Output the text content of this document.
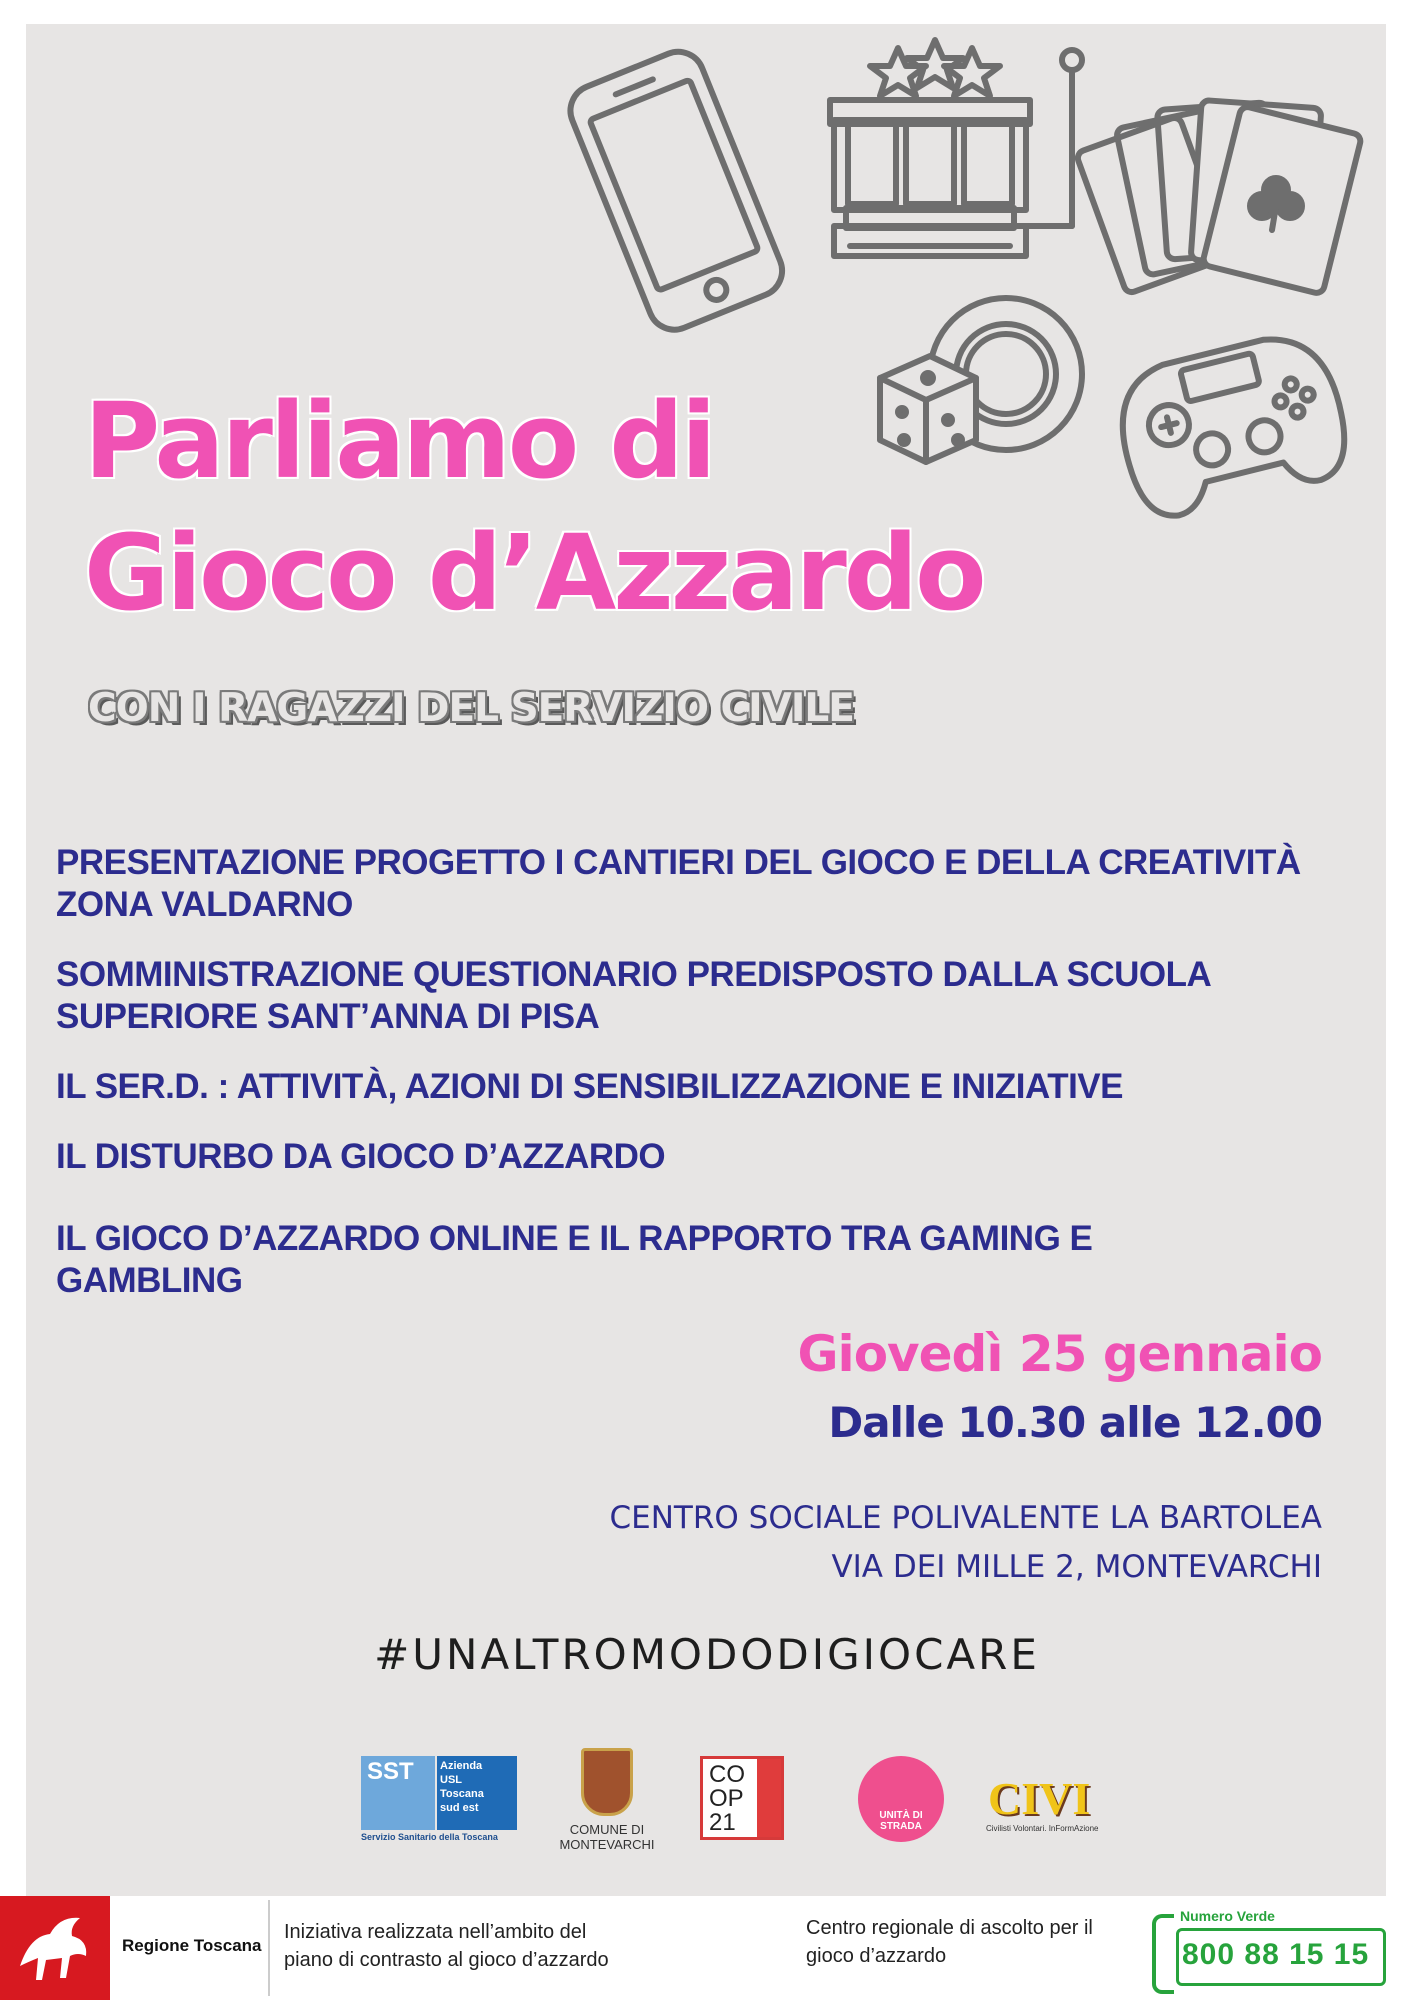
Parliamo di
Gioco d’Azzardo
CON I RAGAZZI DEL SERVIZIO CIVILE

PRESENTAZIONE PROGETTO I CANTIERI DEL GIOCO E DELLA CREATIVITÀ

ZONA VALDARNO

SOMMINISTRAZIONE QUESTIONARIO PREDISPOSTO DALLA SCUOLA

SUPERIORE SANT’ANNA DI PISA

IL SER.D. : ATTIVITÀ, AZIONI DI SENSIBILIZZAZIONE E INIZIATIVE

IL DISTURBO DA GIOCO D’AZZARDO

IL GIOCO D’AZZARDO ONLINE E IL RAPPORTO TRA GAMING E

GAMBLING

Giovedì 25 gennaio
Dalle 10.30 alle 12.00
CENTRO SOCIALE POLIVALENTE LA BARTOLEA
VIA DEI MILLE 2, MONTEVARCHI
#UNALTROMODODIGIOCARE
SST Azienda
USL
Toscana
sud est
Servizio Sanitario della Toscana	COMUNE DI
MONTEVARCHI
COOP 21	UNITÀ DI STRADA
CIVI
Civilisti Volontari. InFormAzione
Regione Toscana
Iniziativa realizzata nell’ambito del
piano di contrasto al gioco d’azzardo
Centro regionale di ascolto per il
gioco d’azzardo
Numero Verde
800 88 15 15
